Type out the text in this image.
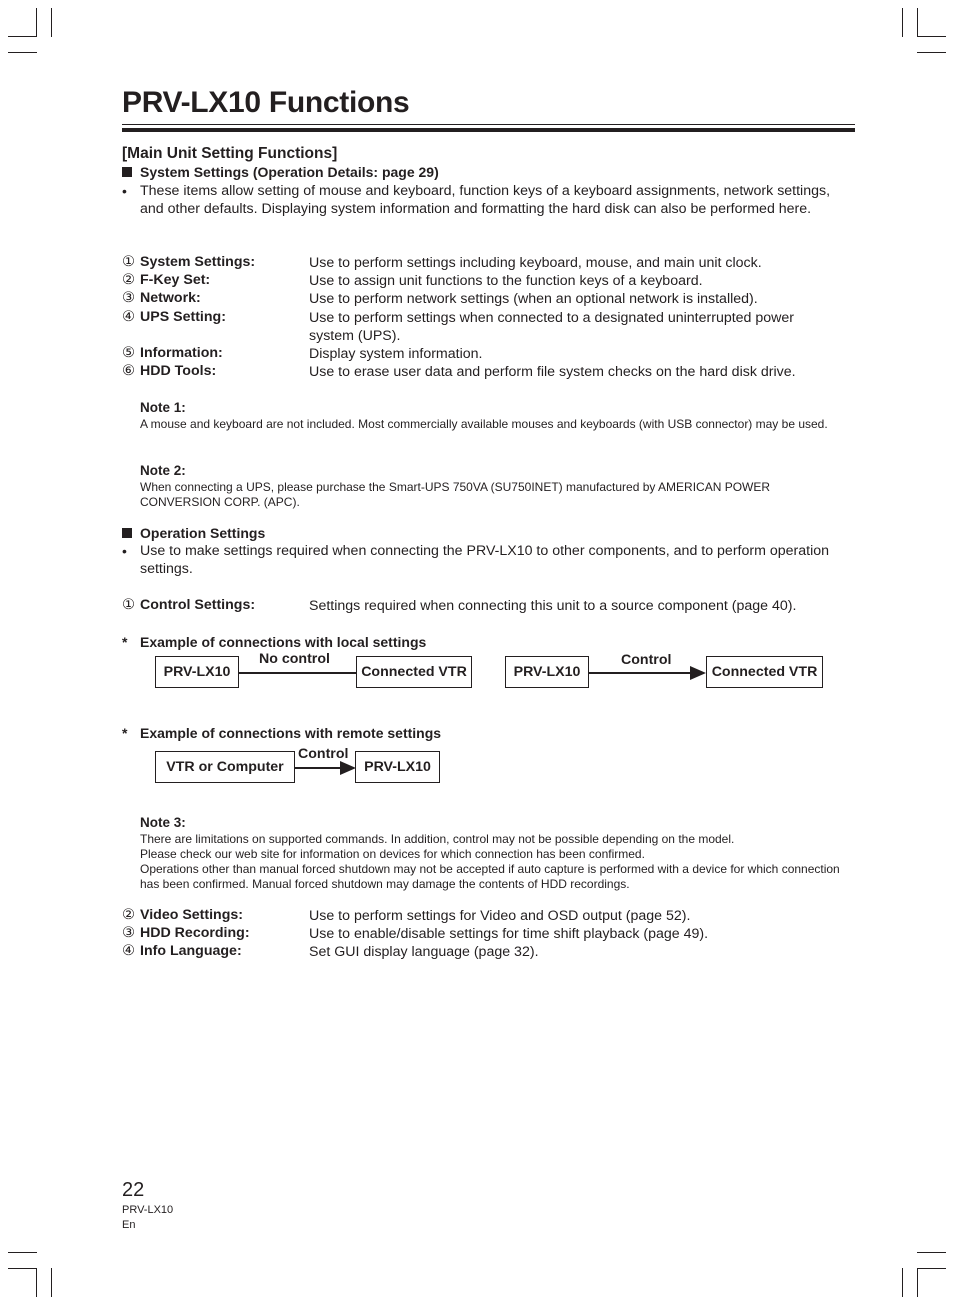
PRV-LX10 Functions
[Main Unit Setting Functions]
System Settings (Operation Details: page 29)
• These items allow setting of mouse and keyboard, function keys of a keyboard assignments, network settings, and other defaults. Displaying system information and formatting the hard disk can also be performed here.
① System Settings:	Use to perform settings including keyboard, mouse, and main unit clock.
② F-Key Set:	Use to assign unit functions to the function keys of a keyboard.
③ Network:	Use to perform network settings (when an optional network is installed).
④ UPS Setting:	Use to perform settings when connected to a designated uninterrupted power system (UPS).
⑤ Information:	Display system information.
⑥ HDD Tools:	Use to erase user data and perform file system checks on the hard disk drive.
Note 1:
A mouse and keyboard are not included. Most commercially available mouses and keyboards (with USB connector) may be used.
Note 2:
When connecting a UPS, please purchase the Smart-UPS 750VA (SU750INET) manufactured by AMERICAN POWER CONVERSION CORP. (APC).
Operation Settings
• Use to make settings required when connecting the PRV-LX10 to other components, and to perform operation settings.
① Control Settings:	Settings required when connecting this unit to a source component (page 40).
* Example of connections with local settings
PRV-LX10
No control
Connected VTR	PRV-LX10
Control
Connected VTR
* Example of connections with remote settings
VTR or Computer
Control
PRV-LX10
Note 3:
There are limitations on supported commands. In addition, control may not be possible depending on the model.
Please check our web site for information on devices for which connection has been confirmed.
Operations other than manual forced shutdown may not be accepted if auto capture is performed with a device for which connection has been confirmed. Manual forced shutdown may damage the contents of HDD recordings.
② Video Settings:	Use to perform settings for Video and OSD output (page 52).
③ HDD Recording:	Use to enable/disable settings for time shift playback (page 49).
④ Info Language:	Set GUI display language (page 32).
22
PRV-LX10
En
